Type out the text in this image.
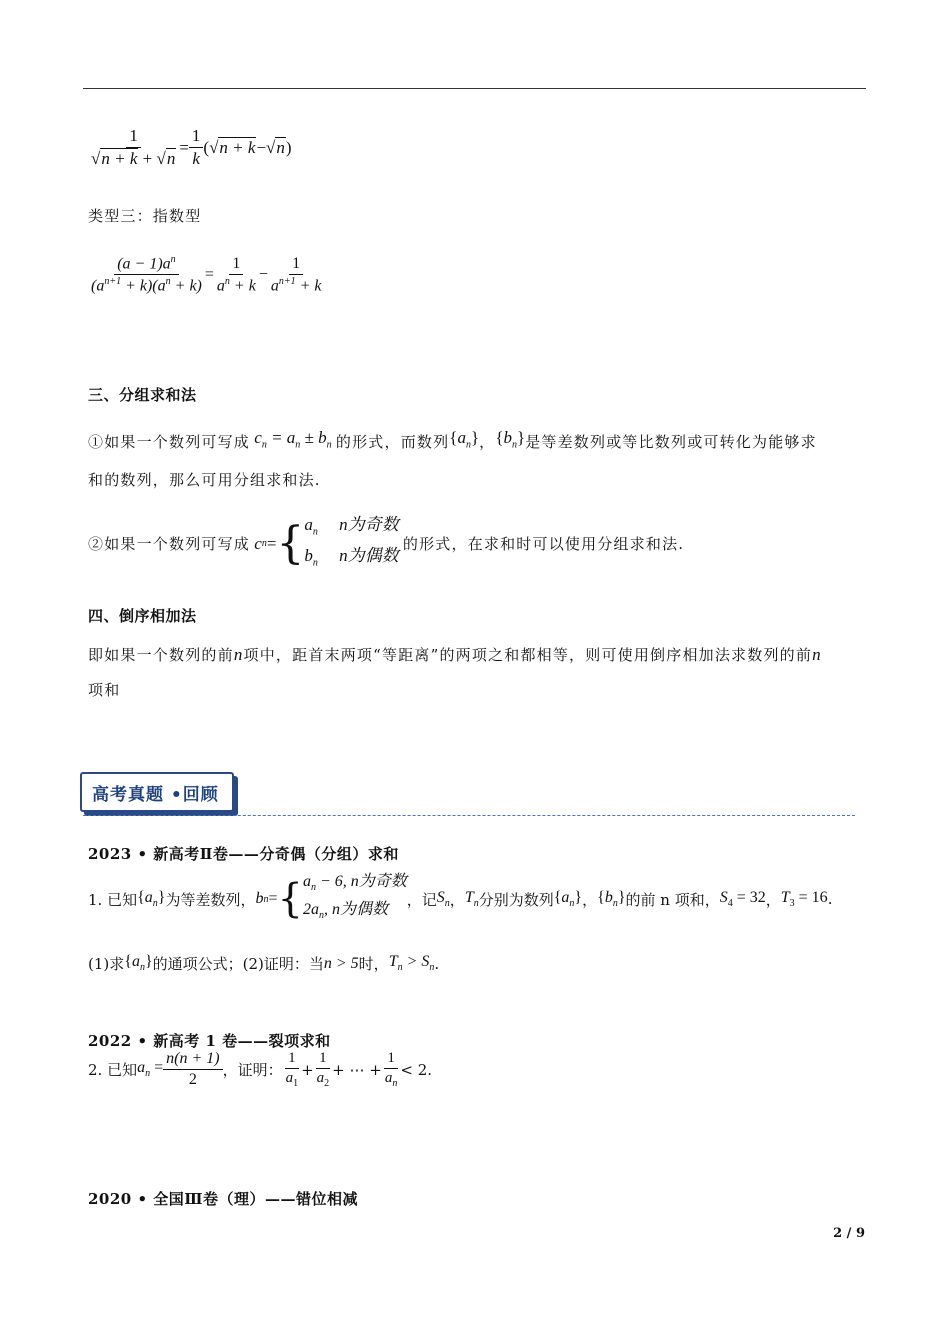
$\frac{1}{√n + k + √n} = \frac{1}{k}$ (√ n + k − √ n )
类型三：指数型
$\frac{(a - 1)a^n}{(a^{n+1} + k)(a^n + k)} = \frac{1}{a^n + k} - \frac{1}{a^{n+1} + k}$
三、分组求和法
①如果一个数列可写成 $c_n = a_n \pm b_n$ 的形式，而数列 $\{a_n\}$ ， $\{b_n\}$ 是等差数列或等比数列或可转化为能够求
和的数列，那么可用分组求和法.
②如果一个数列可写成
c n = { $a_n$ n为奇数
$b_n$ n为偶数

的形式，在求和时可以使用分组求和法.
四、倒序相加法
即如果一个数列的前n项中，距首末两项“等距离”的两项之和都相等，则可使用倒序相加法求数列的前n
项和
高考真题 •回顾
2023 • 新高考Ⅱ卷——分奇偶（分组）求和
1. 已知 $\{a_n\}$ 为等差数列， b n = { $a_n - 6$, n为奇数
$2a_n$, n为偶数
，记 $S_n$ ， $T_n$ 分别为数列 $\{a_n\}$ ， $\{b_n\}$ 的前 n 项和， $S_4 = 32$ ， $T_3 = 16$ .
(1)求 $\{a_n\}$ 的通项公式；(2)证明：当 n > 5 时， $T_n > S_n$ .
2022 • 新高考 1 卷——裂项求和
2. 已知 $a_n = \frac{n(n + 1)}{2}$ ，证明： $\frac{1}{a_1} + \frac{1}{a_2}$ + ⋯ + $\frac{1}{a_n} < 2$ .
2020 • 全国Ⅲ卷（理）——错位相减
2 / 9
